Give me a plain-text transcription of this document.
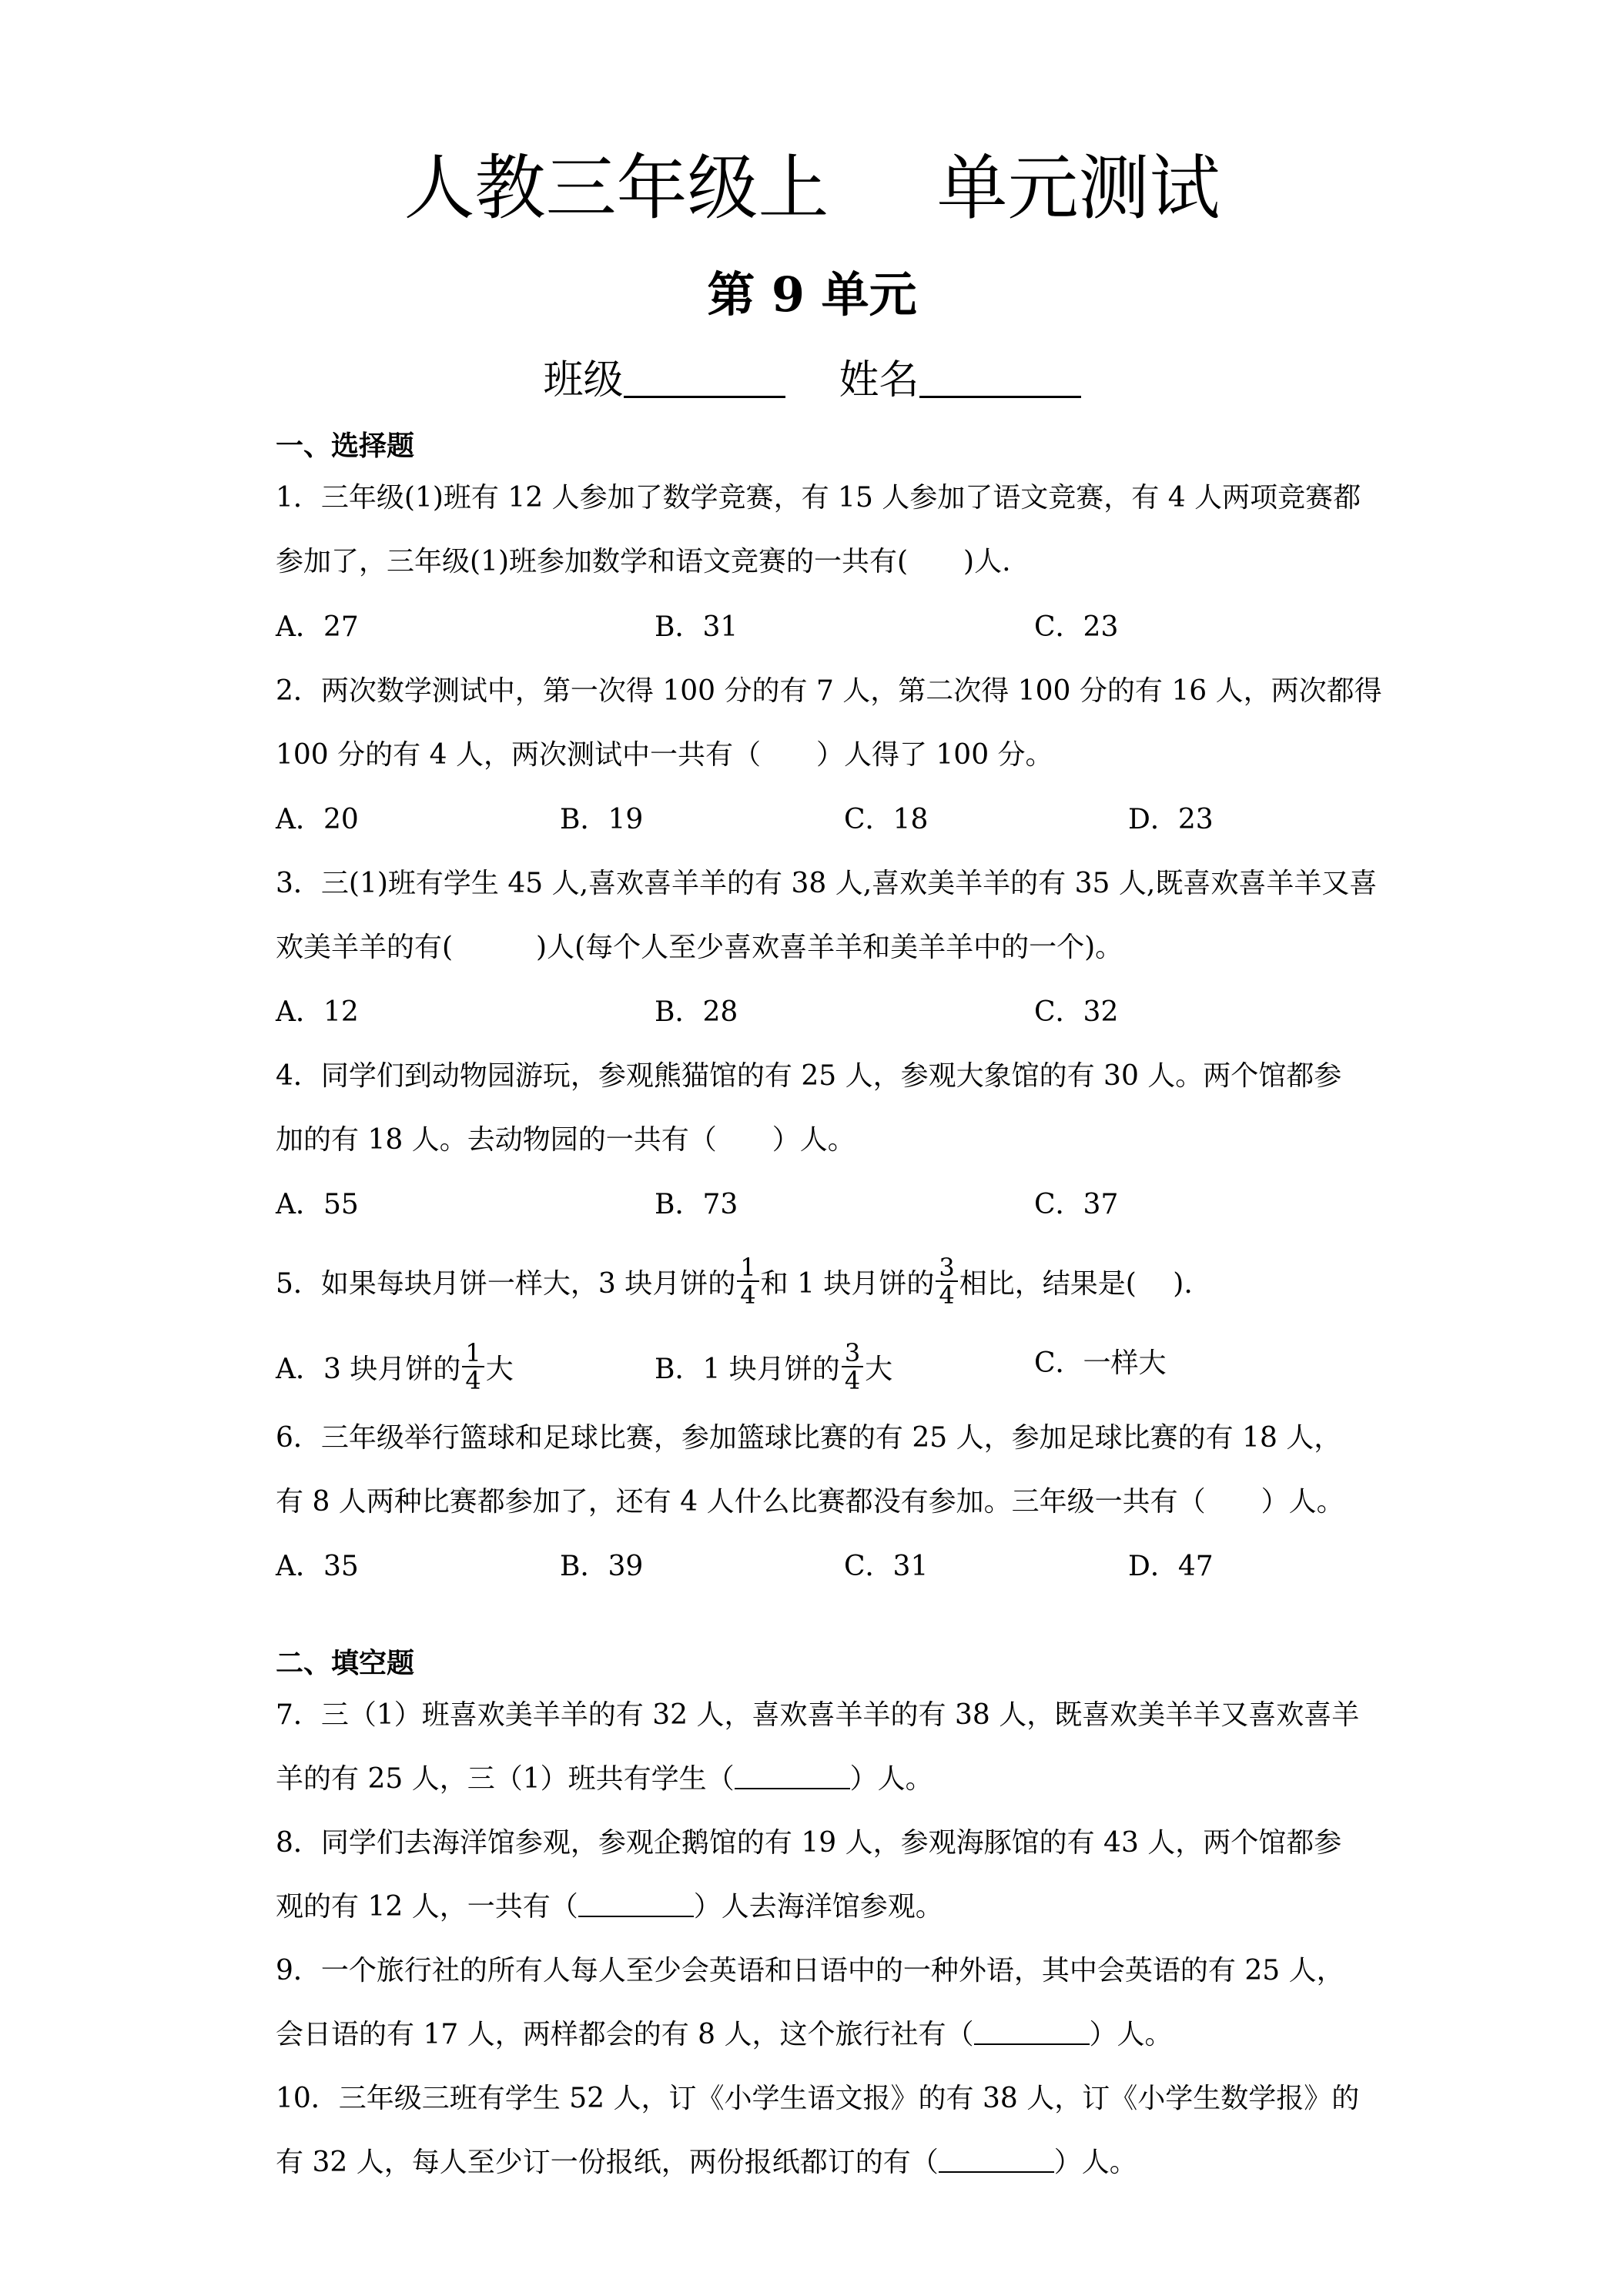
人教三年级上 单元测试
第 9 单元
班级	姓名
一、选择题
1．三年级(1)班有 12 人参加了数学竞赛，有 15 人参加了语文竞赛，有 4 人两项竞赛都
参加了，三年级(1)班参加数学和语文竞赛的一共有(　　)人.
A．27	B．31	C．23
2．两次数学测试中，第一次得 100 分的有 7 人，第二次得 100 分的有 16 人，两次都得
100 分的有 4 人，两次测试中一共有（　　）人得了 100 分。
A．20	B．19	C．18	D．23
3．三(1)班有学生 45 人,喜欢喜羊羊的有 38 人,喜欢美羊羊的有 35 人,既喜欢喜羊羊又喜
欢美羊羊的有(　　　)人(每个人至少喜欢喜羊羊和美羊羊中的一个)。
A．12	B．28	C．32
4．同学们到动物园游玩，参观熊猫馆的有 25 人，参观大象馆的有 30 人。两个馆都参
加的有 18 人。去动物园的一共有（　　）人。
A．55	B．73	C．37
5．如果每块月饼一样大，3 块月饼的 $\frac{1}{4}$ 和 1 块月饼的 $\frac{3}{4}$ 相比，结果是(　 ).
A．3 块月饼的 $\frac{1}{4}$ 大	B．1 块月饼的 $\frac{3}{4}$ 大	C．一样大
6．三年级举行篮球和足球比赛，参加篮球比赛的有 25 人，参加足球比赛的有 18 人，
有 8 人两种比赛都参加了，还有 4 人什么比赛都没有参加。三年级一共有（　　）人。
A．35	B．39	C．31	D．47
二、填空题
7．三（1）班喜欢美羊羊的有 32 人，喜欢喜羊羊的有 38 人，既喜欢美羊羊又喜欢喜羊
羊的有 25 人，三（1）班共有学生（	）人。
8．同学们去海洋馆参观，参观企鹅馆的有 19 人，参观海豚馆的有 43 人，两个馆都参
观的有 12 人，一共有（	）人去海洋馆参观。
9．一个旅行社的所有人每人至少会英语和日语中的一种外语，其中会英语的有 25 人，
会日语的有 17 人，两样都会的有 8 人，这个旅行社有（	）人。
10．三年级三班有学生 52 人，订《小学生语文报》的有 38 人，订《小学生数学报》的
有 32 人，每人至少订一份报纸，两份报纸都订的有（	）人。
